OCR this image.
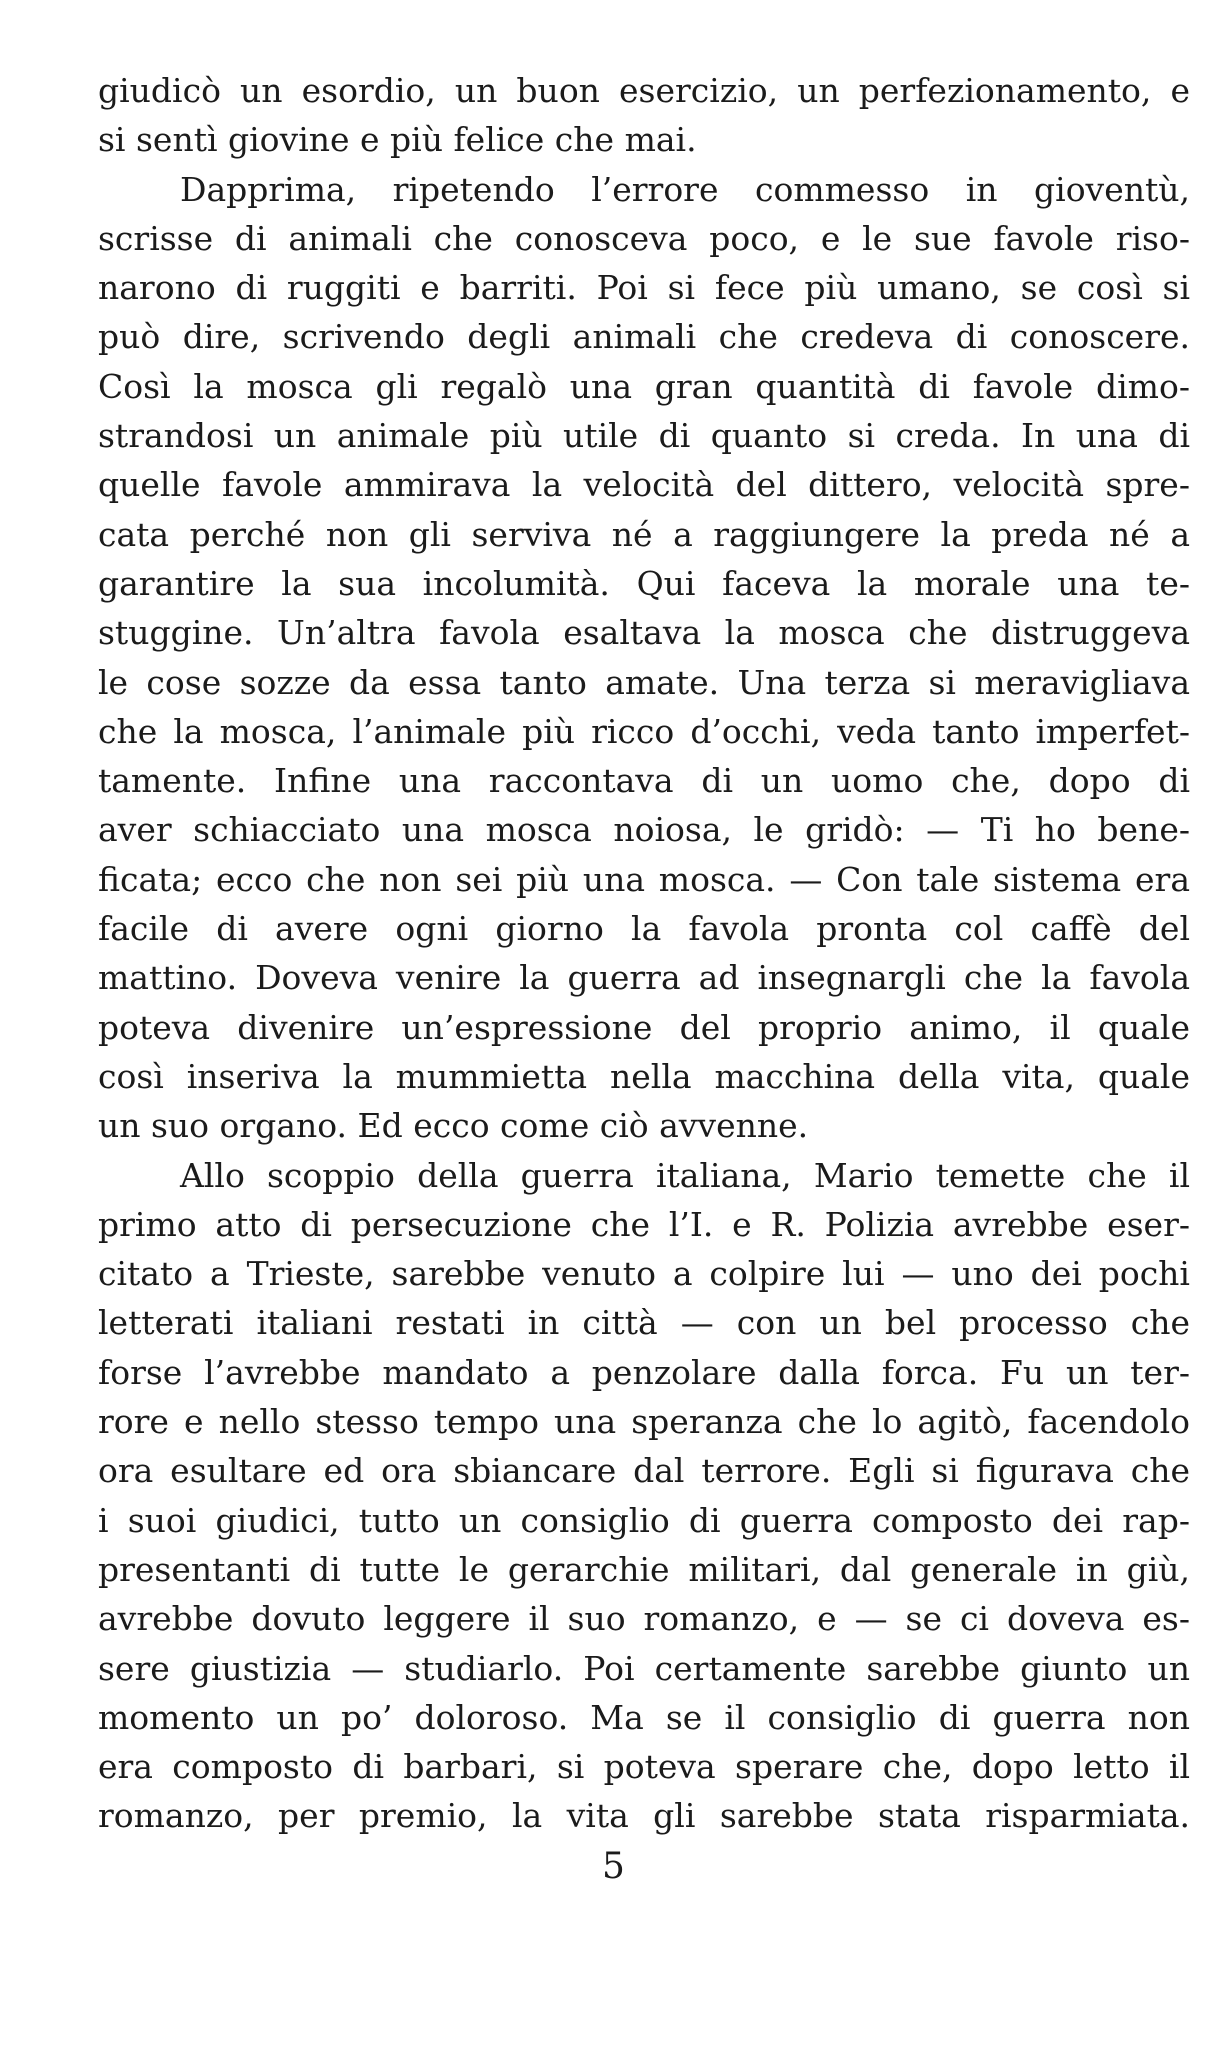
giudicò un esordio, un buon esercizio, un perfezionamento, e
si sentì giovine e più felice che mai.
Dapprima, ripetendo l’errore commesso in gioventù,
scrisse di animali che conosceva poco, e le sue favole riso-
narono di ruggiti e barriti. Poi si fece più umano, se così si
può dire, scrivendo degli animali che credeva di conoscere.
Così la mosca gli regalò una gran quantità di favole dimo-
strandosi un animale più utile di quanto si creda. In una di
quelle favole ammirava la velocità del dittero, velocità spre-
cata perché non gli serviva né a raggiungere la preda né a
garantire la sua incolumità. Qui faceva la morale una te-
stuggine. Un’altra favola esaltava la mosca che distruggeva
le cose sozze da essa tanto amate. Una terza si meravigliava
che la mosca, l’animale più ricco d’occhi, veda tanto imperfet-
tamente. Infine una raccontava di un uomo che, dopo di
aver schiacciato una mosca noiosa, le gridò: — Ti ho bene-
ficata; ecco che non sei più una mosca. — Con tale sistema era
facile di avere ogni giorno la favola pronta col caffè del
mattino. Doveva venire la guerra ad insegnargli che la favola
poteva divenire un’espressione del proprio animo, il quale
così inseriva la mummietta nella macchina della vita, quale
un suo organo. Ed ecco come ciò avvenne.
Allo scoppio della guerra italiana, Mario temette che il
primo atto di persecuzione che l’I. e R. Polizia avrebbe eser-
citato a Trieste, sarebbe venuto a colpire lui — uno dei pochi
letterati italiani restati in città — con un bel processo che
forse l’avrebbe mandato a penzolare dalla forca. Fu un ter-
rore e nello stesso tempo una speranza che lo agitò, facendolo
ora esultare ed ora sbiancare dal terrore. Egli si figurava che
i suoi giudici, tutto un consiglio di guerra composto dei rap-
presentanti di tutte le gerarchie militari, dal generale in giù,
avrebbe dovuto leggere il suo romanzo, e — se ci doveva es-
sere giustizia — studiarlo. Poi certamente sarebbe giunto un
momento un po’ doloroso. Ma se il consiglio di guerra non
era composto di barbari, si poteva sperare che, dopo letto il
romanzo, per premio, la vita gli sarebbe stata risparmiata.
5
